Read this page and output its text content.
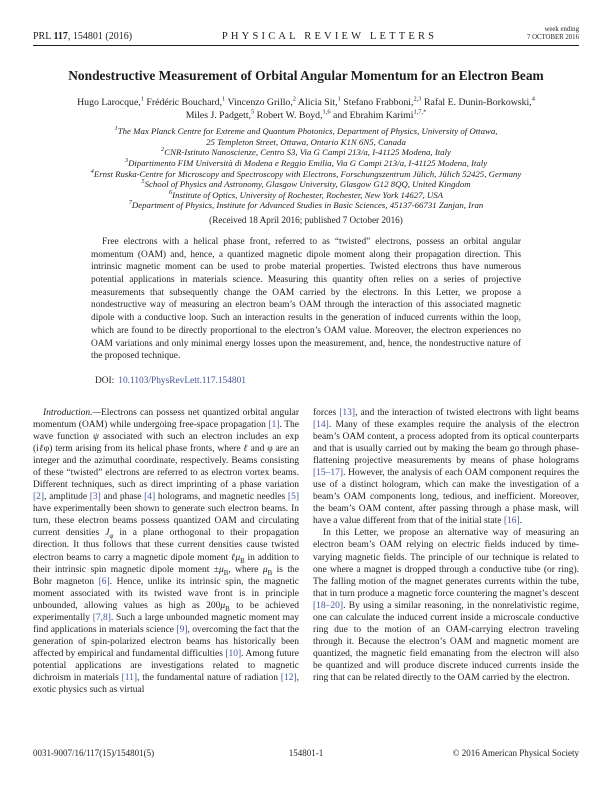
PRL 117, 154801 (2016)	PHYSICAL REVIEW LETTERS
week ending
7 OCTOBER 2016
Nondestructive Measurement of Orbital Angular Momentum for an Electron Beam
Hugo Larocque,$^1$ Frédéric Bouchard,$^1$ Vincenzo Grillo,$^2$ Alicia Sit,$^1$ Stefano Frabboni,$^{2,3}$ Rafal E. Dunin-Borkowski,$^4$
Miles J. Padgett,$^5$ Robert W. Boyd,$^{1,6}$ and Ebrahim Karimi$^{1,7,*}$
$^1$The Max Planck Centre for Extreme and Quantum Photonics, Department of Physics, University of Ottawa,
25 Templeton Street, Ottawa, Ontario K1N 6N5, Canada
$^2$CNR-Istituto Nanoscienze, Centro S3, Via G Campi 213/a, I-41125 Modena, Italy
$^3$Dipartimento FIM Università di Modena e Reggio Emilia, Via G Campi 213/a, I-41125 Modena, Italy
$^4$Ernst Ruska-Centre for Microscopy and Spectroscopy with Electrons, Forschungszentrum Jülich, Jülich 52425, Germany
$^5$School of Physics and Astronomy, Glasgow University, Glasgow G12 8QQ, United Kingdom
$^6$Institute of Optics, University of Rochester, Rochester, New York 14627, USA
$^7$Department of Physics, Institute for Advanced Studies in Basic Sciences, 45137-66731 Zanjan, Iran
(Received 18 April 2016; published 7 October 2016)

Free electrons with a helical phase front, referred to as “twisted” electrons, possess an orbital angular momentum (OAM) and, hence, a quantized magnetic dipole moment along their propagation direction. This intrinsic magnetic moment can be used to probe material properties. Twisted electrons thus have numerous potential applications in materials science. Measuring this quantity often relies on a series of projective measurements that subsequently change the OAM carried by the electrons. In this Letter, we propose a nondestructive way of measuring an electron beam’s OAM through the interaction of this associated magnetic dipole with a conductive loop. Such an interaction results in the generation of induced currents within the loop, which are found to be directly proportional to the electron’s OAM value. Moreover, the electron experiences no OAM variations and only minimal energy losses upon the measurement, and, hence, the nondestructive nature of the proposed technique.

DOI: 10.1103/PhysRevLett.117.154801

Introduction.—Electrons can possess net quantized orbital angular momentum (OAM) while undergoing free-space propagation [1]. The wave function ψ associated with such an electron includes an exp (iℓφ) term arising from its helical phase fronts, where ℓ and φ are an integer and the azimuthal coordinate, respectively. Beams consisting of these “twisted” electrons are referred to as electron vortex beams. Different techniques, such as direct imprinting of a phase variation [2], amplitude [3] and phase [4] holograms, and magnetic needles [5] have experimentally been shown to generate such electron beams. In turn, these electron beams possess quantized OAM and circulating current densities $J_\varphi$ in a plane orthogonal to their propagation direction. It thus follows that these current densities cause twisted electron beams to carry a magnetic dipole moment ℓμ$_B$ in addition to their intrinsic spin magnetic dipole moment $\pm\mu_B$, where $\mu_B$ is the Bohr magneton [6]. Hence, unlike its intrinsic spin, the magnetic moment associated with its twisted wave front is in principle unbounded, allowing values as high as $200\mu_B$ to be achieved experimentally [7,8]. Such a large unbounded magnetic moment may find applications in materials science [9], overcoming the fact that the generation of spin-polarized electron beams has historically been affected by empirical and fundamental difficulties [10]. Among future potential applications are investigations related to magnetic dichroism in materials [11], the fundamental nature of radiation [12], exotic physics such as virtual

forces [13], and the interaction of twisted electrons with light beams [14]. Many of these examples require the analysis of the electron beam’s OAM content, a process adopted from its optical counterparts and that is usually carried out by making the beam go through phase-flattening projective measurements by means of phase holograms [15–17]. However, the analysis of each OAM component requires the use of a distinct hologram, which can make the investigation of a beam’s OAM components long, tedious, and inefficient. Moreover, the beam’s OAM content, after passing through a phase mask, will have a value different from that of the initial state [16].

In this Letter, we propose an alternative way of measuring an electron beam’s OAM relying on electric fields induced by time-varying magnetic fields. The principle of our technique is related to one where a magnet is dropped through a conductive tube (or ring). The falling motion of the magnet generates currents within the tube, that in turn produce a magnetic force countering the magnet’s descent [18–20]. By using a similar reasoning, in the nonrelativistic regime, one can calculate the induced current inside a microscale conductive ring due to the motion of an OAM-carrying electron traveling through it. Because the electron’s OAM and magnetic moment are quantized, the magnetic field emanating from the electron will also be quantized and will produce discrete induced currents inside the ring that can be related directly to the OAM carried by the electron.

0031-9007/16/117(15)/154801(5)	154801-1	© 2016 American Physical Society
